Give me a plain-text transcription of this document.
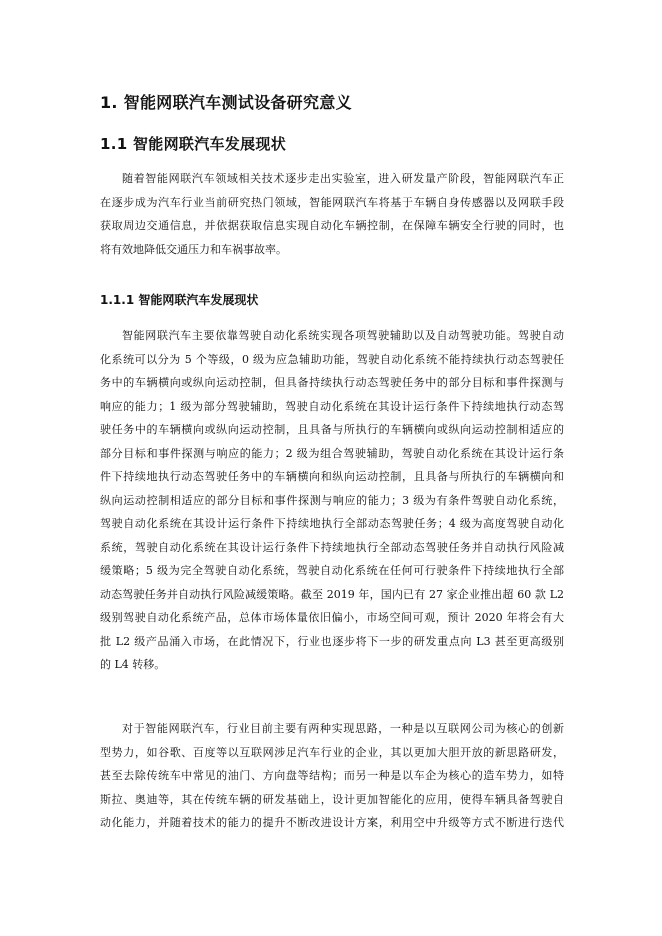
1. 智能网联汽车测试设备研究意义
1.1 智能网联汽车发展现状
随着智能网联汽车领域相关技术逐步走出实验室，进入研发量产阶段，智能网联汽车正
在逐步成为汽车行业当前研究热门领域，智能网联汽车将基于车辆自身传感器以及网联手段
获取周边交通信息，并依据获取信息实现自动化车辆控制，在保障车辆安全行驶的同时，也
将有效地降低交通压力和车祸事故率。
1.1.1 智能网联汽车发展现状
智能网联汽车主要依靠驾驶自动化系统实现各项驾驶辅助以及自动驾驶功能。驾驶自动
化系统可以分为 5 个等级，0 级为应急辅助功能，驾驶自动化系统不能持续执行动态驾驶任
务中的车辆横向或纵向运动控制，但具备持续执行动态驾驶任务中的部分目标和事件探测与
响应的能力；1 级为部分驾驶辅助，驾驶自动化系统在其设计运行条件下持续地执行动态驾
驶任务中的车辆横向或纵向运动控制，且具备与所执行的车辆横向或纵向运动控制相适应的
部分目标和事件探测与响应的能力；2 级为组合驾驶辅助，驾驶自动化系统在其设计运行条
件下持续地执行动态驾驶任务中的车辆横向和纵向运动控制，且具备与所执行的车辆横向和
纵向运动控制相适应的部分目标和事件探测与响应的能力；3 级为有条件驾驶自动化系统，
驾驶自动化系统在其设计运行条件下持续地执行全部动态驾驶任务；4 级为高度驾驶自动化
系统，驾驶自动化系统在其设计运行条件下持续地执行全部动态驾驶任务并自动执行风险减
缓策略；5 级为完全驾驶自动化系统，驾驶自动化系统在任何可行驶条件下持续地执行全部
动态驾驶任务并自动执行风险减缓策略。截至 2019 年，国内已有 27 家企业推出超 60 款 L2
级别驾驶自动化系统产品，总体市场体量依旧偏小，市场空间可观，预计 2020 年将会有大
批 L2 级产品涌入市场，在此情况下，行业也逐步将下一步的研发重点向 L3 甚至更高级别
的 L4 转移。
对于智能网联汽车，行业目前主要有两种实现思路，一种是以互联网公司为核心的创新
型势力，如谷歌、百度等以互联网涉足汽车行业的企业，其以更加大胆开放的新思路研发，
甚至去除传统车中常见的油门、方向盘等结构；而另一种是以车企为核心的造车势力，如特
斯拉、奥迪等，其在传统车辆的研发基础上，设计更加智能化的应用，使得车辆具备驾驶自
动化能力，并随着技术的能力的提升不断改进设计方案，利用空中升级等方式不断进行迭代
